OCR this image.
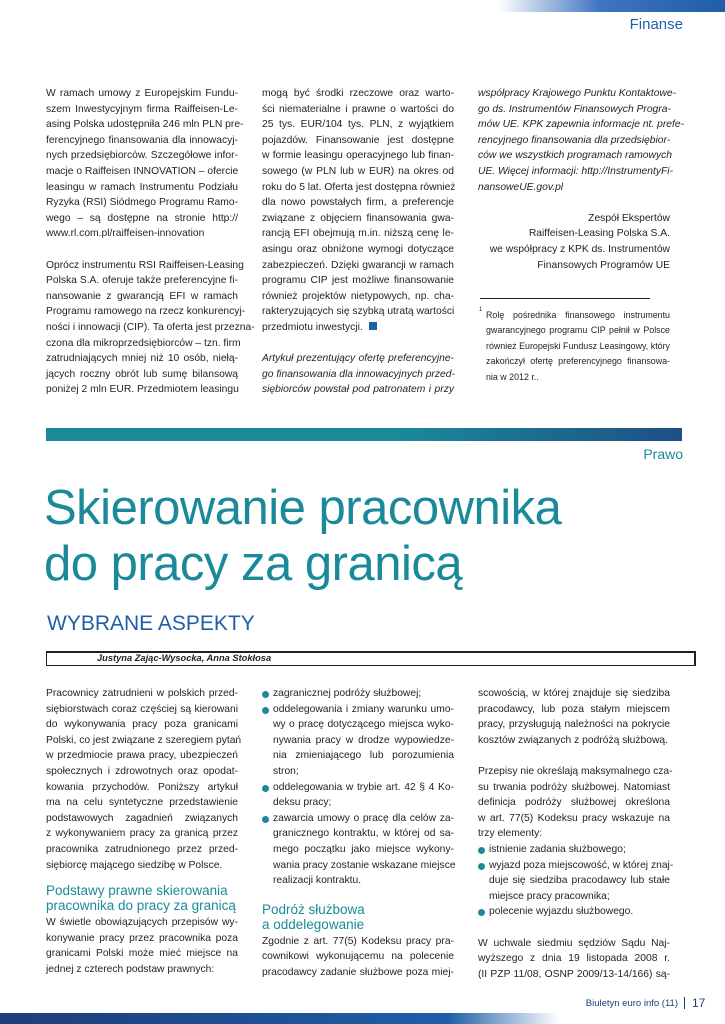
Finanse
W ramach umowy z Europejskim Fundu-
szem Inwestycyjnym firma Raiffeisen-Le-
asing Polska udostępniła 246 mln PLN pre-
ferencyjnego finansowania dla innowacyj-
nych przedsiębiorców. Szczegółowe infor-
macje o Raiffeisen INNOVATION – ofercie
leasingu w ramach Instrumentu Podziału
Ryzyka (RSI) Siódmego Programu Ramo-
wego – są dostępne na stronie http://
www.rl.com.pl/raiffeisen-innovation
Oprócz instrumentu RSI Raiffeisen-Leasing
Polska S.A. oferuje także preferencyjne fi-
nansowanie z gwarancją EFI w ramach
Programu ramowego na rzecz konkurencyj-
ności i innowacji (CIP). Ta oferta jest przezna-
czona dla mikroprzedsiębiorców – tzn. firm
zatrudniających mniej niż 10 osób, niełą-
jących roczny obrót lub sumę bilansową
poniżej 2 mln EUR. Przedmiotem leasingu
mogą być środki rzeczowe oraz warto-
ści niematerialne i prawne o wartości do
25 tys. EUR/104 tys. PLN, z wyjątkiem
pojazdów. Finansowanie jest dostępne
w formie leasingu operacyjnego lub finan-
sowego (w PLN lub w EUR) na okres od
roku do 5 lat. Oferta jest dostępna również
dla nowo powstałych firm, a preferencje
związane z objęciem finansowania gwa-
rancją EFI obejmują m.in. niższą cenę le-
asingu oraz obniżone wymogi dotyczące
zabezpieczeń. Dzięki gwarancji w ramach
programu CIP jest możliwe finansowanie
również projektów nietypowych, np. cha-
rakteryzujących się szybką utratą wartości
przedmiotu inwestycji.
Artykuł prezentujący ofertę preferencyjne-
go finansowania dla innowacyjnych przed-
siębiorców powstał pod patronatem i przy
współpracy Krajowego Punktu Kontaktowe-
go ds. Instrumentów Finansowych Progra-
mów UE. KPK zapewnia informacje nt. prefe-
rencyjnego finansowania dla przedsiębior-
ców we wszystkich programach ramowych
UE. Więcej informacji: http://InstrumentyFi-
nansoweUE.gov.pl
Zespół Ekspertów
Raiffeisen-Leasing Polska S.A.
we współpracy z KPK ds. Instrumentów
Finansowych Programów UE
1 Rolę pośrednika finansowego instrumentu
gwarancyjnego programu CIP pełnił w Polsce
również Europejski Fundusz Leasingowy, który
zakończył ofertę preferencyjnego finansowa-
nia w 2012 r..
Prawo
Skierowanie pracownika
do pracy za granicą
WYBRANE ASPEKTY
Justyna Zając-Wysocka, Anna Stokłosa
Pracownicy zatrudnieni w polskich przed-
siębiorstwach coraz częściej są kierowani
do wykonywania pracy poza granicami
Polski, co jest związane z szeregiem pytań
w przedmiocie prawa pracy, ubezpieczeń
społecznych i zdrowotnych oraz opodat-
kowania przychodów. Poniższy artykuł
ma na celu syntetyczne przedstawienie
podstawowych zagadnień związanych
z wykonywaniem pracy za granicą przez
pracownika zatrudnionego przez przed-
siębiorcę mającego siedzibę w Polsce.
Podstawy prawne skierowania
pracownika do pracy za granicą
W świetle obowiązujących przepisów wy-
konywanie pracy przez pracownika poza
granicami Polski może mieć miejsce na
jednej z czterech podstaw prawnych:
zagranicznej podróży służbowej;
oddelegowania i zmiany warunku umo-
wy o pracę dotyczącego miejsca wyko-
nywania pracy w drodze wypowiedze-
nia zmieniającego lub porozumienia
stron;
oddelegowania w trybie art. 42 § 4 Ko-
deksu pracy;
zawarcia umowy o pracę dla celów za-
granicznego kontraktu, w której od sa-
mego początku jako miejsce wykony-
wania pracy zostanie wskazane miejsce
realizacji kontraktu.
Podróż służbowa
a oddelegowanie
Zgodnie z art. 77(5) Kodeksu pracy pra-
cownikowi wykonującemu na polecenie
pracodawcy zadanie służbowe poza miej-
scowością, w której znajduje się siedziba
pracodawcy, lub poza stałym miejscem
pracy, przysługują należności na pokrycie
kosztów związanych z podróżą służbową.
Przepisy nie określają maksymalnego cza-
su trwania podróży służbowej. Natomiast
definicja podróży służbowej określona
w art. 77(5) Kodeksu pracy wskazuje na
trzy elementy:
istnienie zadania służbowego;
wyjazd poza miejscowość, w której znaj-
duje się siedziba pracodawcy lub stałe
miejsce pracy pracownika;
polecenie wyjazdu służbowego.
W uchwale siedmiu sędziów Sądu Naj-
wyższego z dnia 19 listopada 2008 r.
(II PZP 11/08, OSNP 2009/13-14/166) są-
Biuletyn euro info (11) 17
